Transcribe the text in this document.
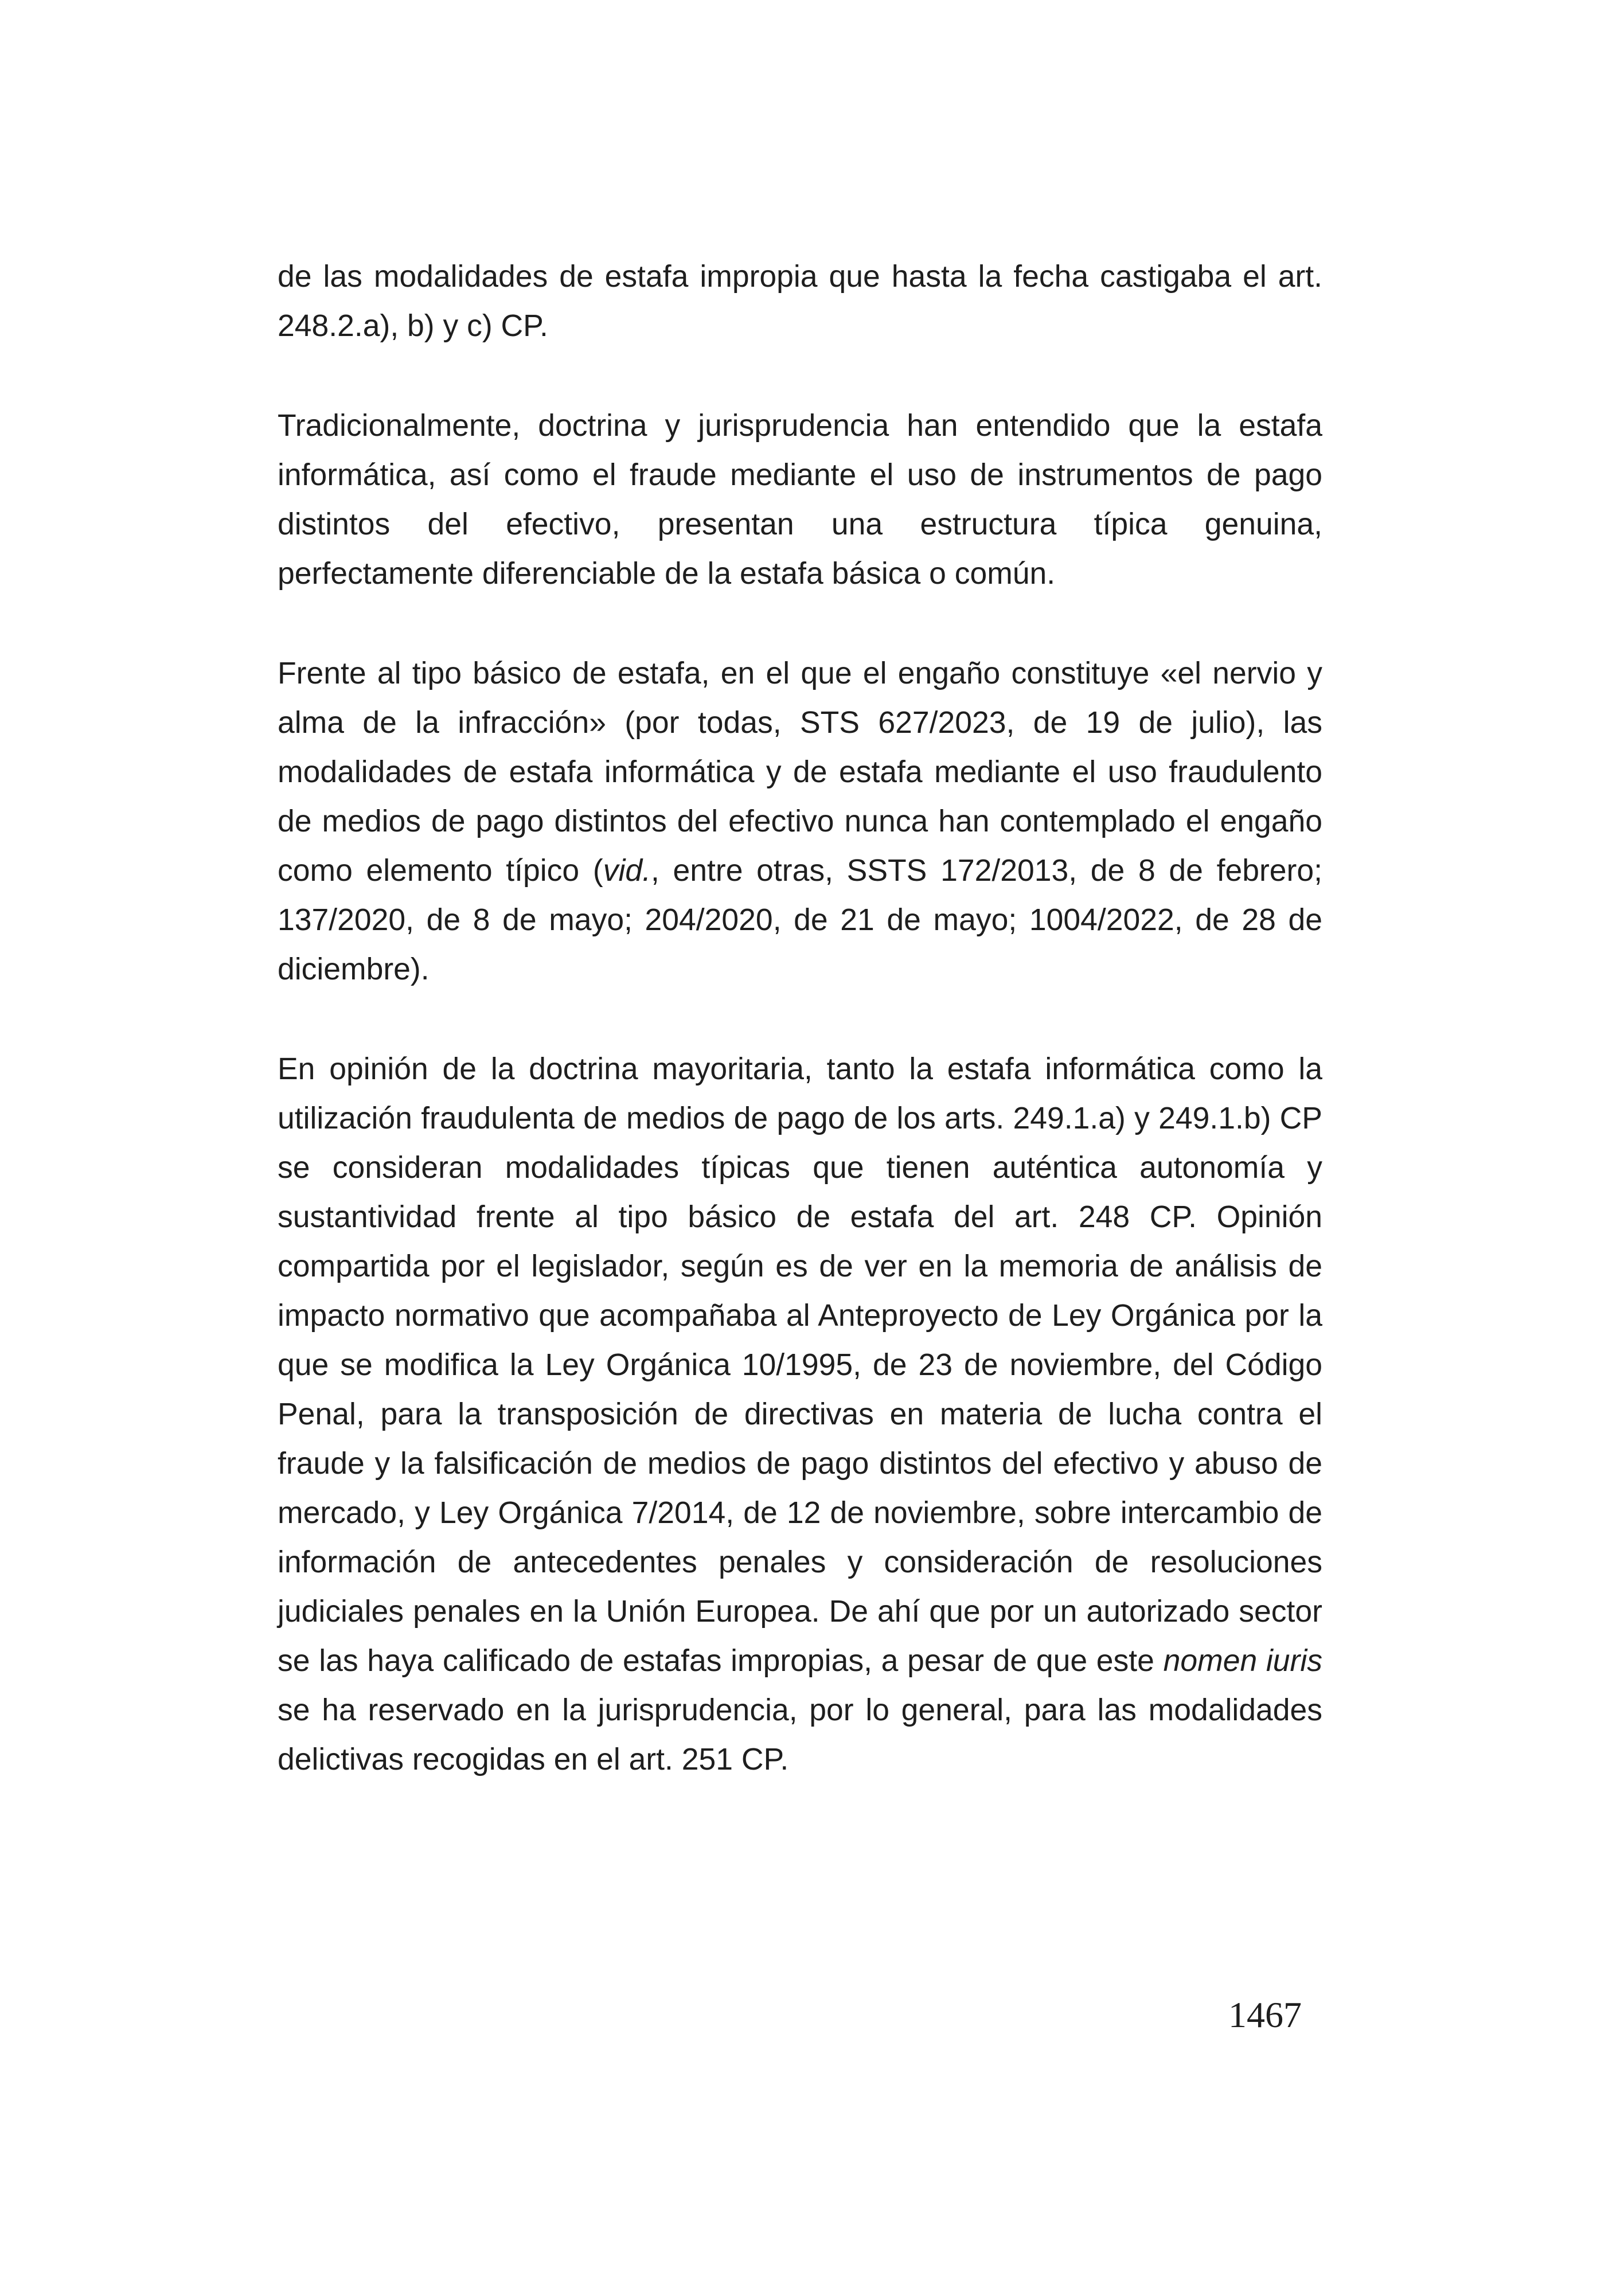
de las modalidades de estafa impropia que hasta la fecha castigaba el art. 248.2.a), b) y c) CP.

Tradicionalmente, doctrina y jurisprudencia han entendido que la estafa informática, así como el fraude mediante el uso de instrumentos de pago distintos del efectivo, presentan una estructura típica genuina, perfectamente diferenciable de la estafa básica o común.

Frente al tipo básico de estafa, en el que el engaño constituye «el nervio y alma de la infracción» (por todas, STS 627/2023, de 19 de julio), las modalidades de estafa informática y de estafa mediante el uso fraudulento de medios de pago distintos del efectivo nunca han contemplado el engaño como elemento típico (vid., entre otras, SSTS 172/2013, de 8 de febrero; 137/2020, de 8 de mayo; 204/2020, de 21 de mayo; 1004/2022, de 28 de diciembre).

En opinión de la doctrina mayoritaria, tanto la estafa informática como la utilización fraudulenta de medios de pago de los arts. 249.1.a) y 249.1.b) CP se consideran modalidades típicas que tienen auténtica autonomía y sustantividad frente al tipo básico de estafa del art. 248 CP. Opinión compartida por el legislador, según es de ver en la memoria de análisis de impacto normativo que acompañaba al Anteproyecto de Ley Orgánica por la que se modifica la Ley Orgánica 10/1995, de 23 de noviembre, del Código Penal, para la transposición de directivas en materia de lucha contra el fraude y la falsificación de medios de pago distintos del efectivo y abuso de mercado, y Ley Orgánica 7/2014, de 12 de noviembre, sobre intercambio de información de antecedentes penales y consideración de resoluciones judiciales penales en la Unión Europea. De ahí que por un autorizado sector se las haya calificado de estafas impropias, a pesar de que este nomen iuris se ha reservado en la jurisprudencia, por lo general, para las modalidades delictivas recogidas en el art. 251 CP.

1467
